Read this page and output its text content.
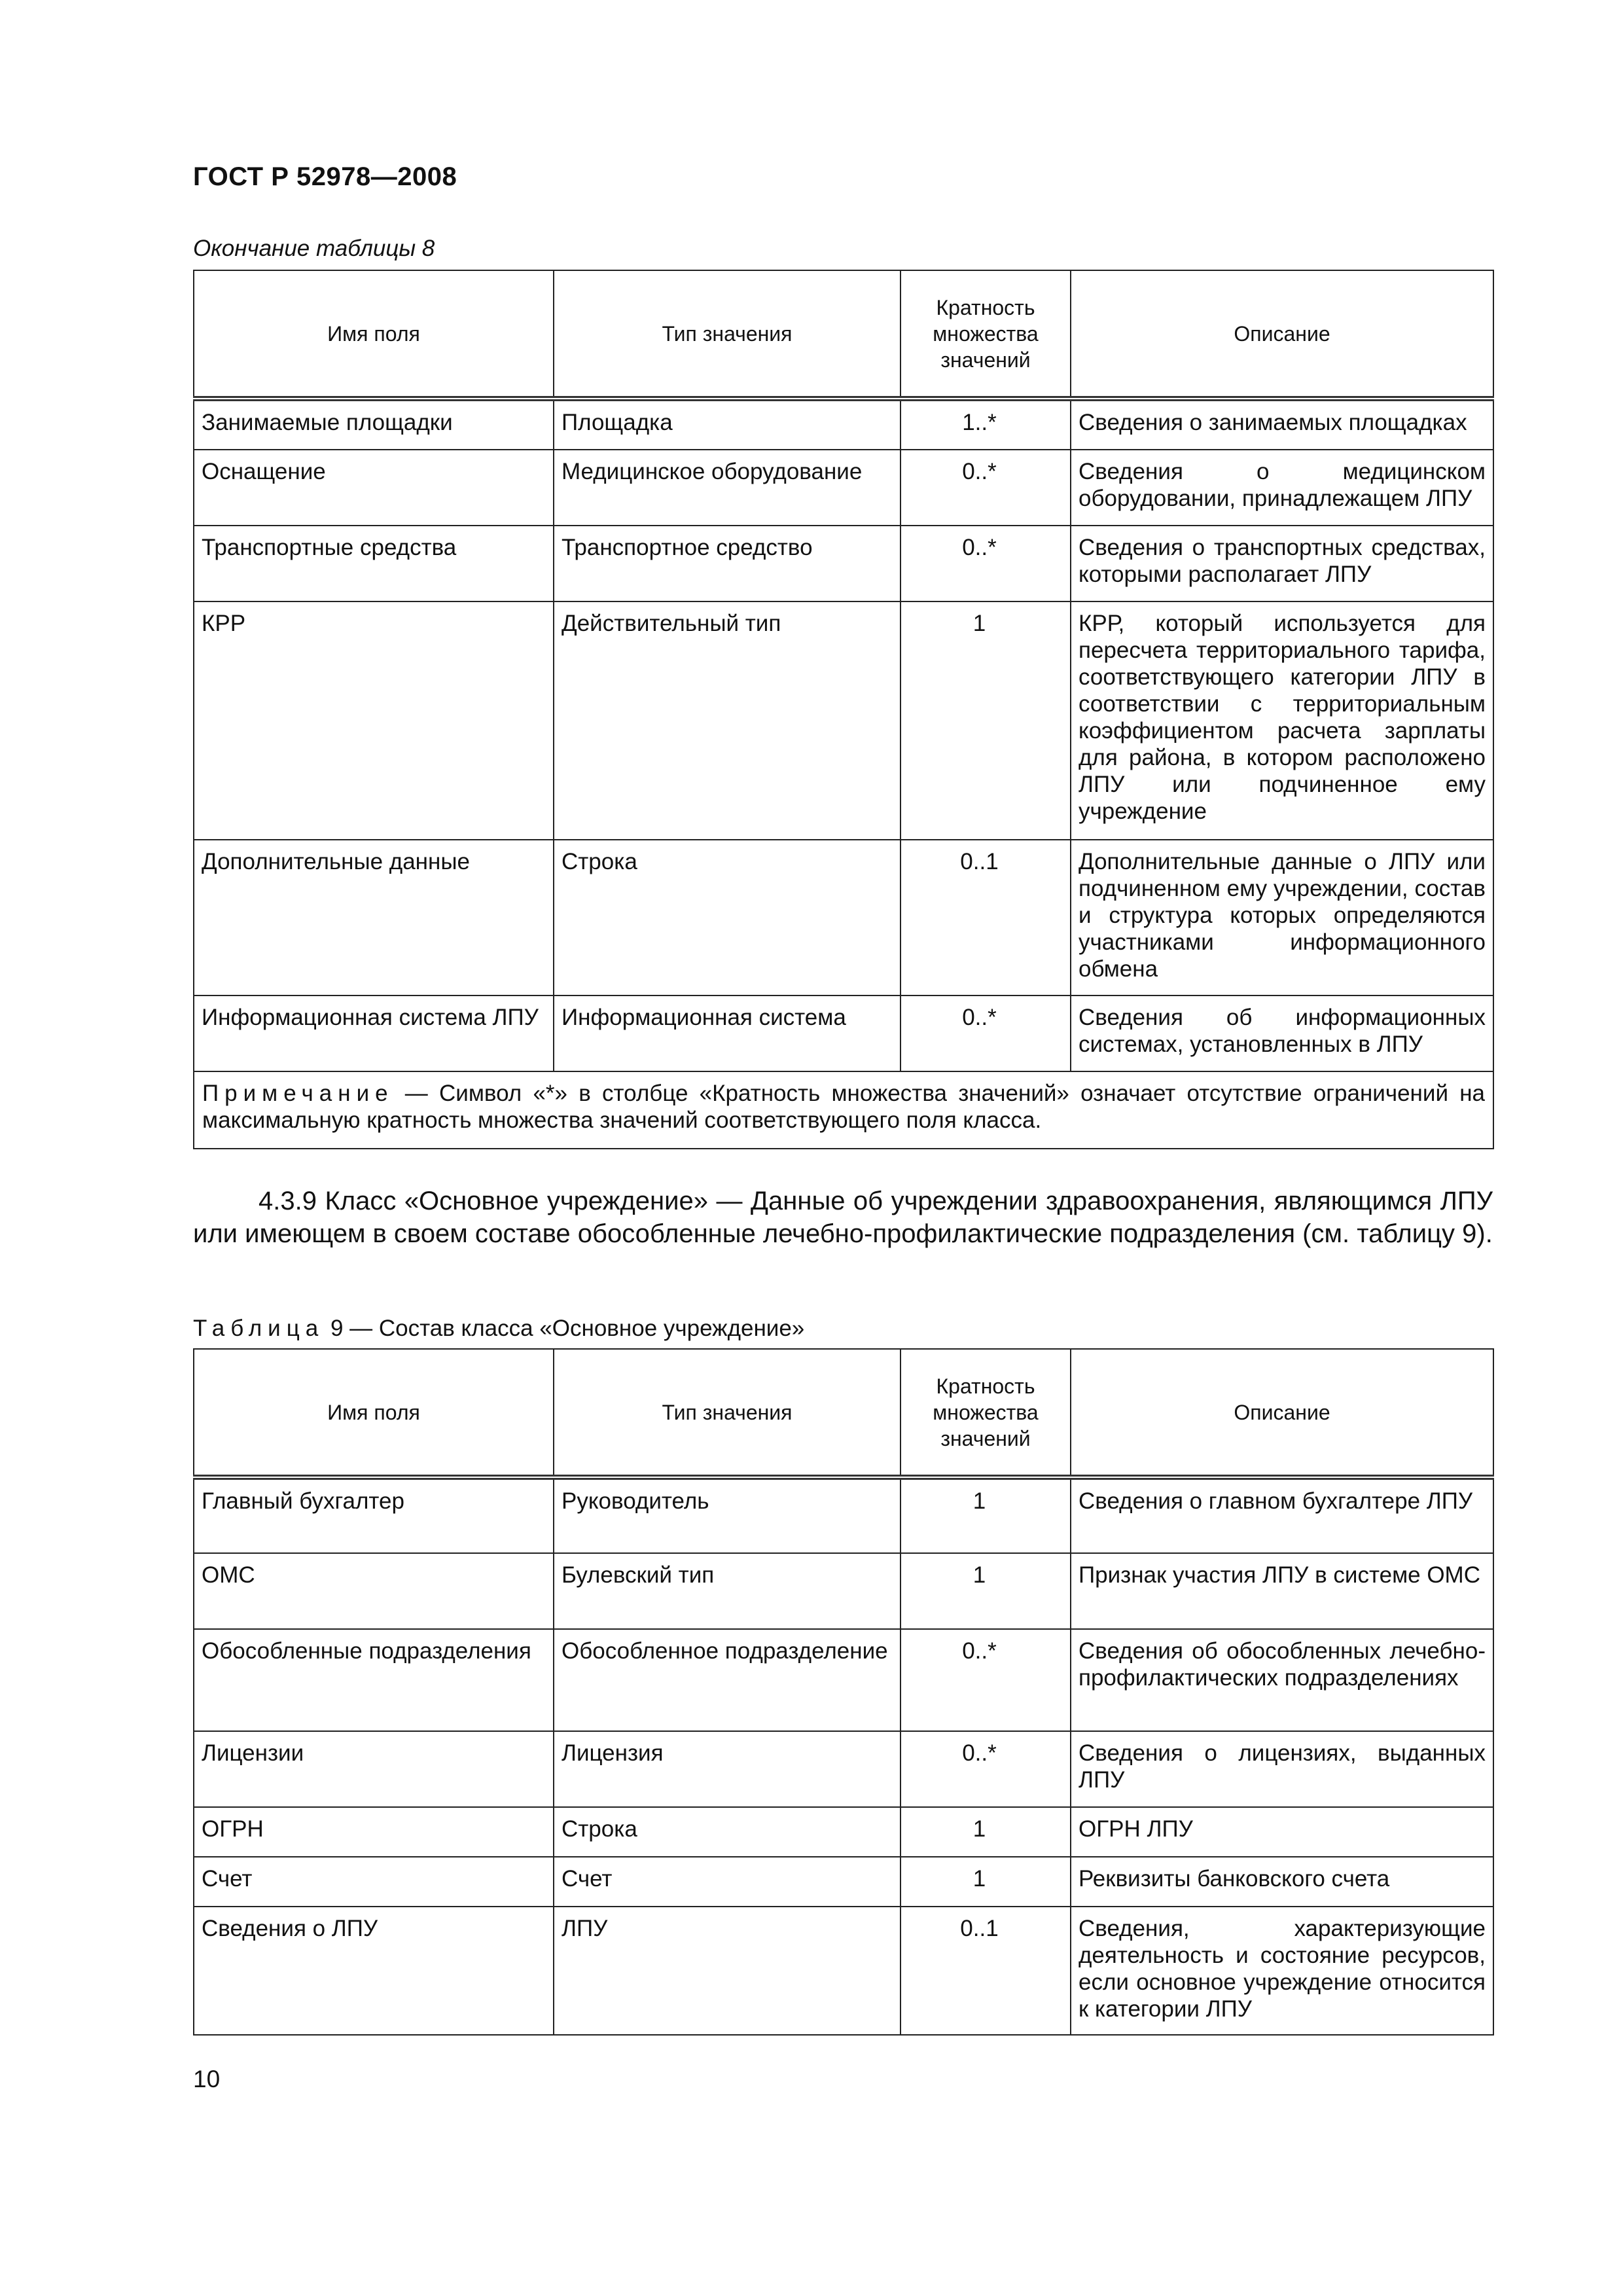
ГОСТ Р 52978—2008
Окончание таблицы 8
Имя поля	Тип значения	Кратность множества значений	Описание
Занимаемые площадки	Площадка	1..*	Сведения о занимаемых площадках
Оснащение	Медицинское оборудование	0..*	Сведения о медицинском оборудовании, принадлежащем ЛПУ
Транспортные средства	Транспортное средство	0..*	Сведения о транспортных средствах, которыми располагает ЛПУ
КРР	Действительный тип	1	КРР, который используется для пересчета территориального тарифа, соответствующего категории ЛПУ в соответствии с территориальным коэффициентом расчета зарплаты для района, в котором расположено ЛПУ или подчиненное ему учреждение
Дополнительные данные	Строка	0..1	Дополнительные данные о ЛПУ или подчиненном ему учреждении, состав и структура которых определяются участниками информационного обмена
Информационная система ЛПУ	Информационная система	0..*	Сведения об информационных системах, установленных в ЛПУ
Примечание — Символ «*» в столбце «Кратность множества значений» означает отсутствие ограничений на максимальную кратность множества значений соответствующего поля класса.			
4.3.9 Класс «Основное учреждение» — Данные об учреждении здравоохранения, являющимся ЛПУ или имеющем в своем составе обособленные лечебно-профилактические подразделения (см. таблицу 9).
Таблица 9 — Состав класса «Основное учреждение»
Имя поля	Тип значения	Кратность множества значений	Описание
Главный бухгалтер	Руководитель	1	Сведения о главном бухгалтере ЛПУ
ОМС	Булевский тип	1	Признак участия ЛПУ в системе ОМС
Обособленные подразделения	Обособленное подразделение	0..*	Сведения об обособленных лечебно-профилактических подразделениях
Лицензии	Лицензия	0..*	Сведения о лицензиях, выданных ЛПУ
ОГРН	Строка	1	ОГРН ЛПУ
Счет	Счет	1	Реквизиты банковского счета
Сведения о ЛПУ	ЛПУ	0..1	Сведения, характеризующие деятельность и состояние ресурсов, если основное учреждение относится к категории ЛПУ
10
